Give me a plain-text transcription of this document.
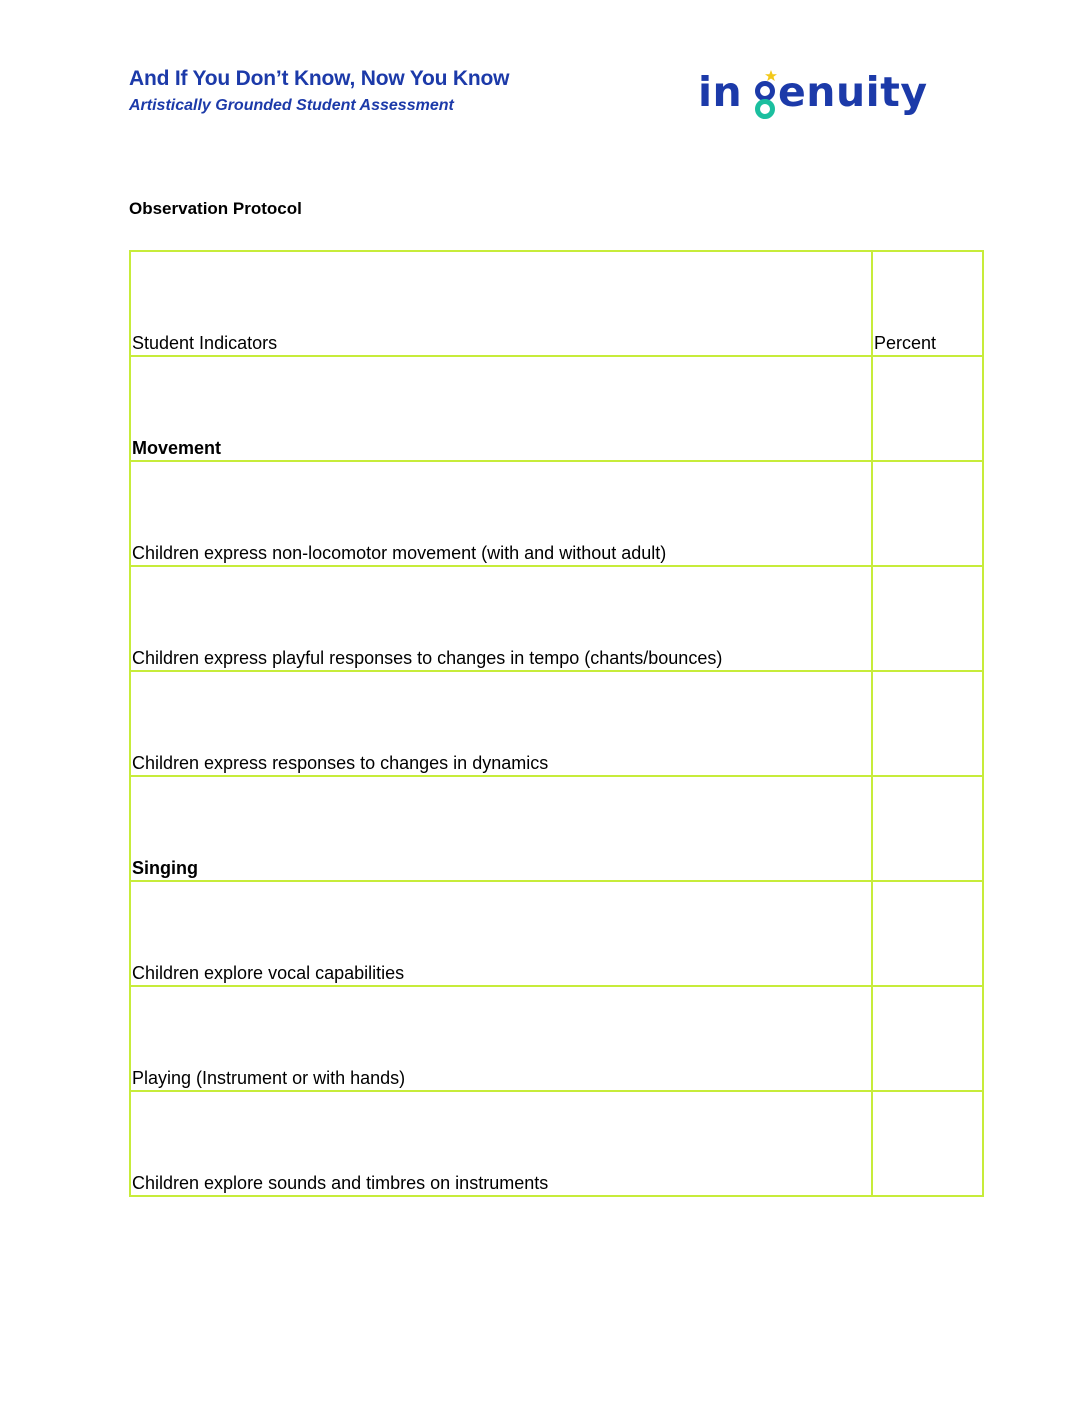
And If You Don’t Know, Now You Know
Artistically Grounded Student Assessment	in enuity
Observation Protocol
Student Indicators	Percent
Movement	
Children express non-locomotor movement (with and without adult)	
Children express playful responses to changes in tempo (chants/bounces)	
Children express responses to changes in dynamics	
Singing	
Children explore vocal capabilities	
Playing (Instrument or with hands)	
Children explore sounds and timbres on instruments	
